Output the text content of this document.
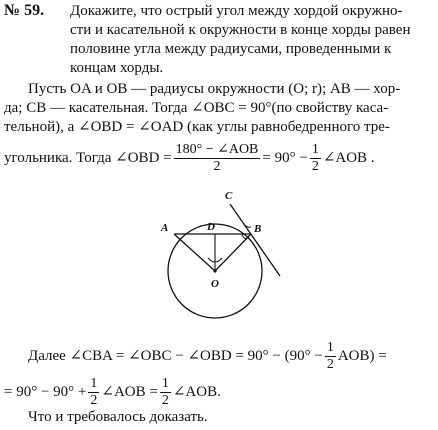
№ 59. Докажите, что острый угол между хордой окружно-
сти и касательной к окружности в конце хорды равен
половине угла между радиусами, проведенными к
концам хорды.
Пусть OA и OB — радиусы окружности (O; r); AB — хор-
да; CB — касательная. Тогда ∠OBC = 90°(по свойству каса-
тельной), а ∠OBD = ∠OAD (как углы равнобедренного тре-
угольника. Тогда ∠OBD = $\frac{\text{180° − ∠AOB}}{2} = 90^\circ - \frac{1}{2}$ ∠AOB .
A	B
C
D
O
Далее ∠CBA = ∠OBC − ∠OBD = $90^\circ - (90^\circ - \frac{1}{2} AOB)$ =
= $90^\circ - 90^\circ + \frac{1}{2}$ ∠AOB = $\frac{1}{2}$ ∠AOB.
Что и требовалось доказать.
